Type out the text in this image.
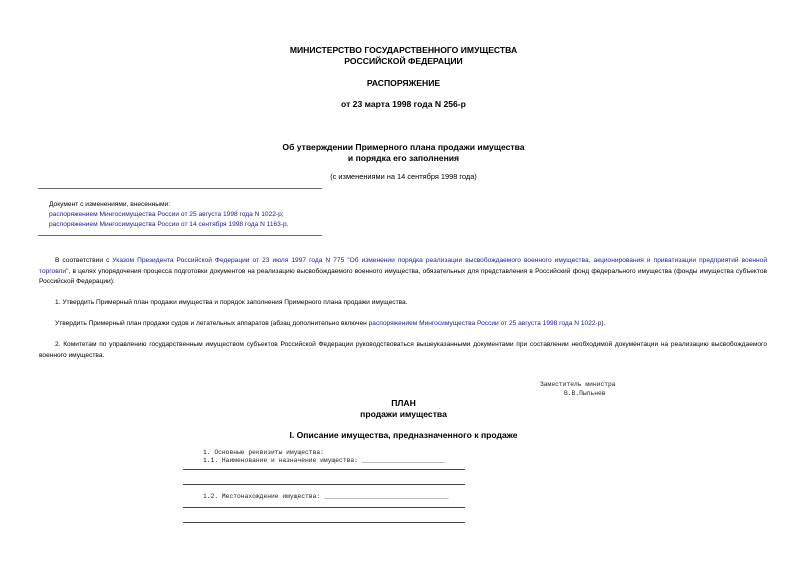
МИНИСТЕРСТВО ГОСУДАРСТВЕННОГО ИМУЩЕСТВА
РОССИЙСКОЙ ФЕДЕРАЦИИ
РАСПОРЯЖЕНИЕ
от 23 марта 1998 года N 256-р
Об утверждении Примерного плана продажи имущества
и порядка его заполнения
(с изменениями на 14 сентября 1998 года)
Документ с изменениями, внесенными:
распоряжением Мингосимущества России от 25 августа 1998 года N 1022-р;
распоряжением Мингосимущества России от 14 сентября 1998 года N 1163-р.
В соответствии с Указом Президента Российской Федерации от 23 июля 1997 года N 775 "Об изменении порядка реализации высвобождаемого военного имущества, акционирования и приватизации предприятий военной торговли", в целях упорядочения процесса подготовки документов на реализацию высвобождаемого военного имущества, обязательных для представления в Российский фонд федерального имущества (фонды имущества субъектов Российской Федерации):
1. Утвердить Примерный план продажи имущества и порядок заполнения Примерного плана продажи имущества.
Утвердить Примерный план продажи судов и летательных аппаратов (абзац дополнительно включен распоряжением Мингосимущества России от 25 августа 1998 года N 1022-р).
2. Комитетам по управлению государственным имуществом субъектов Российской Федерации руководствоваться вышеуказанными документами при составлении необходимой документации на реализацию высвобождаемого военного имущества.
Заместитель министра
В.В.Пыльнев
ПЛАН
продажи имущества
I. Описание имущества, предназначенного к продаже
1. Основные реквизиты имущества:
1.1. Наименование и назначение имущества: ______________________
1.2. Местонахождение имущества: _________________________________
